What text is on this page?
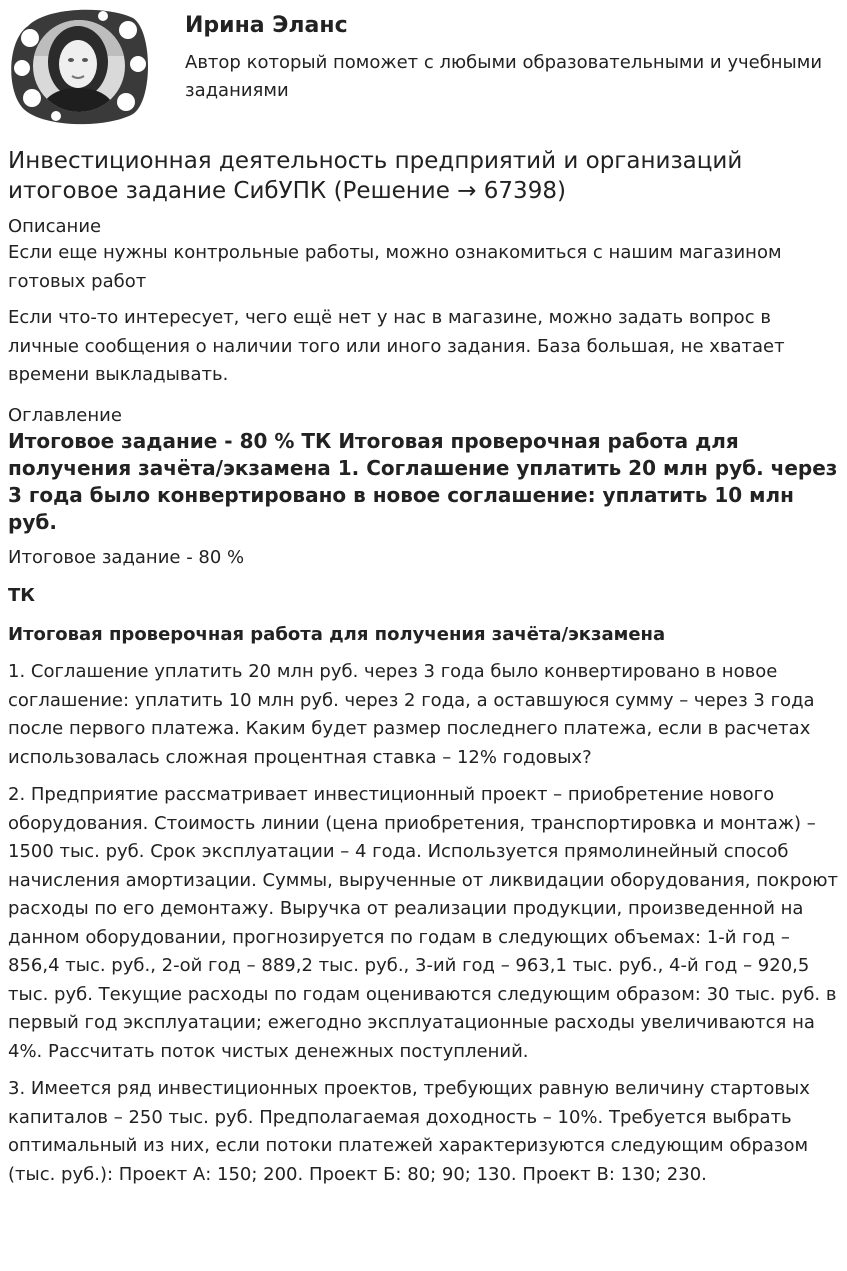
Ирина Эланс

Автор который поможет с любыми образовательными и учебными заданиями

Инвестиционная деятельность предприятий и организаций итоговое задание СибУПК (Решение → 67398)
Описание

Если еще нужны контрольные работы, можно ознакомиться с нашим магазином готовых работ

Если что-то интересует, чего ещё нет у нас в магазине, можно задать вопрос в личные сообщения о наличии того или иного задания. База большая, не хватает времени выкладывать.

Оглавление

Итоговое задание - 80 % ТК Итоговая проверочная работа для получения зачёта/экзамена 1. Соглашение уплатить 20 млн руб. через 3 года было конвертировано в новое соглашение: уплатить 10 млн руб.

Итоговое задание - 80 %

ТК

Итоговая проверочная работа для получения зачёта/экзамена

1. Соглашение уплатить 20 млн руб. через 3 года было конвертировано в новое соглашение: уплатить 10 млн руб. через 2 года, а оставшуюся сумму – через 3 года после первого платежа. Каким будет размер последнего платежа, если в расчетах использовалась сложная процентная ставка – 12% годовых?

2. Предприятие рассматривает инвестиционный проект – приобретение нового оборудования. Стоимость линии (цена приобретения, транспортировка и монтаж) – 1500 тыс. руб. Срок эксплуатации – 4 года. Используется прямолинейный способ начисления амортизации. Суммы, вырученные от ликвидации оборудования, покроют расходы по его демонтажу. Выручка от реализации продукции, произведенной на данном оборудовании, прогнозируется по годам в следующих объемах: 1-й год – 856,4 тыс. руб., 2-ой год – 889,2 тыс. руб., 3-ий год – 963,1 тыс. руб., 4-й год – 920,5 тыс. руб. Текущие расходы по годам оцениваются следующим образом: 30 тыс. руб. в первый год эксплуатации; ежегодно эксплуатационные расходы увеличиваются на 4%. Рассчитать поток чистых денежных поступлений.

3. Имеется ряд инвестиционных проектов, требующих равную величину стартовых капиталов – 250 тыс. руб. Предполагаемая доходность – 10%. Требуется выбрать оптимальный из них, если потоки платежей характеризуются следующим образом (тыс. руб.): Проект А: 150; 200. Проект Б: 80; 90; 130. Проект В: 130; 230.
